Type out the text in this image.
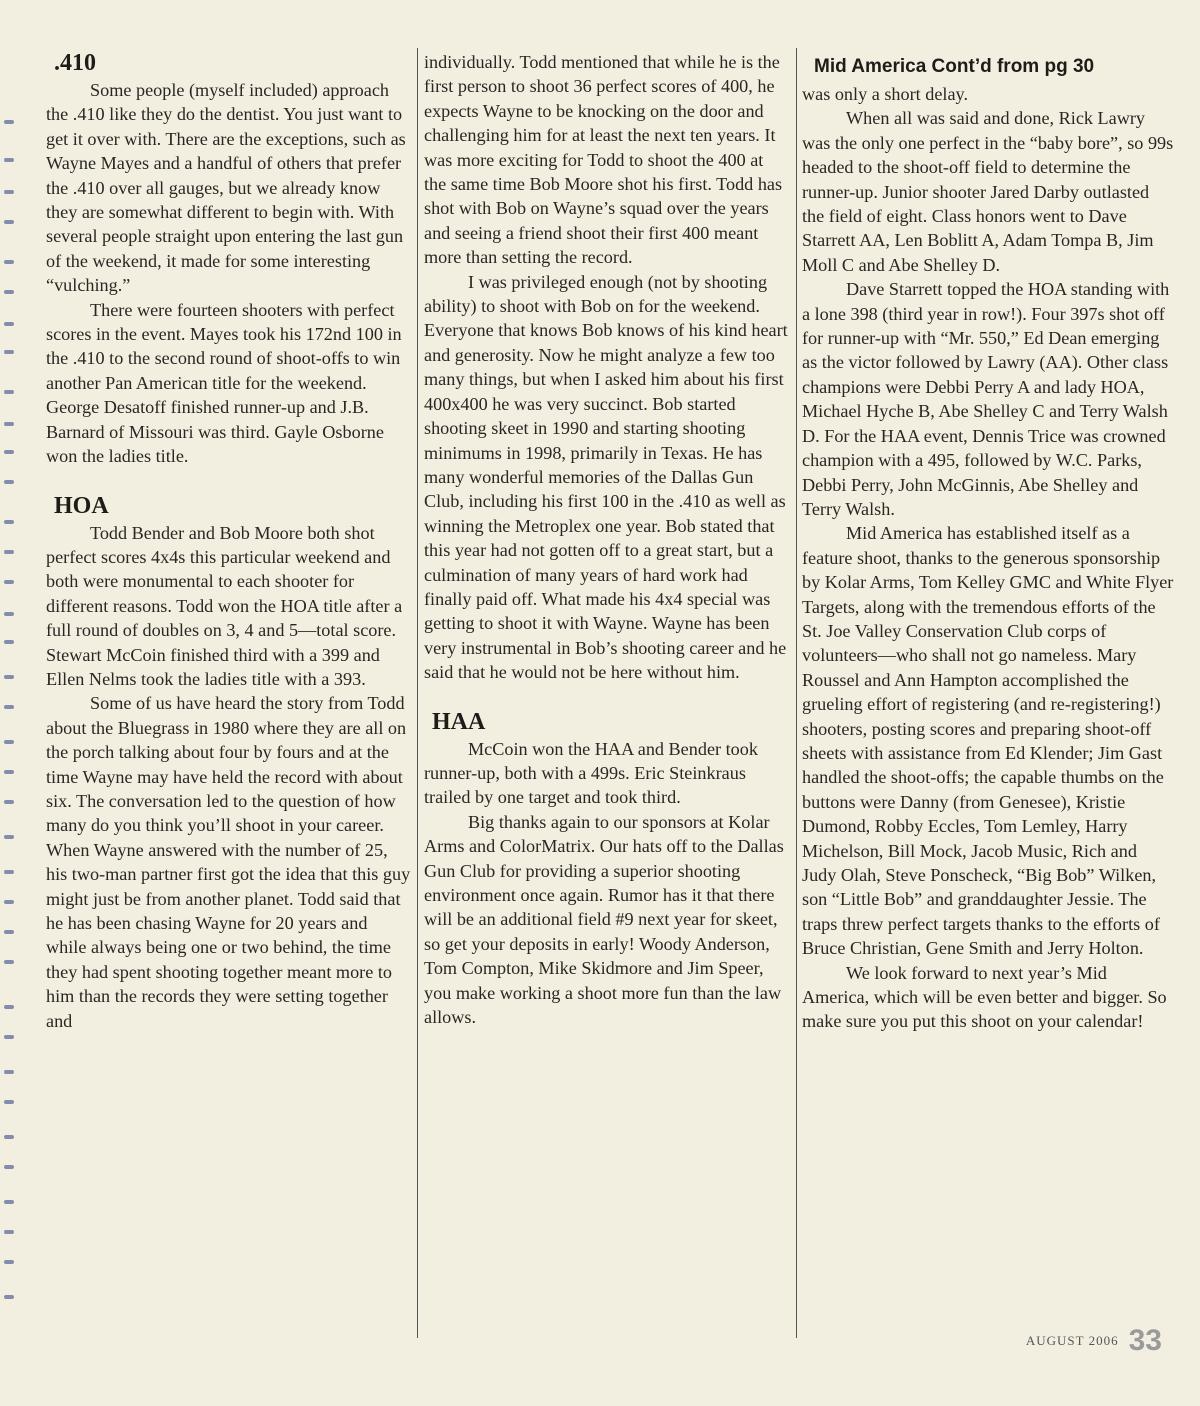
.410

Some people (myself included) approach the .410 like they do the dentist. You just want to get it over with. There are the exceptions, such as Wayne Mayes and a handful of others that prefer the .410 over all gauges, but we already know they are somewhat different to begin with. With several people straight upon entering the last gun of the weekend, it made for some interesting “vulching.”

There were fourteen shooters with perfect scores in the event. Mayes took his 172nd 100 in the .410 to the second round of shoot-offs to win another Pan American title for the weekend. George Desatoff finished runner-up and J.B. Barnard of Missouri was third. Gayle Osborne won the ladies title.

HOA

Todd Bender and Bob Moore both shot perfect scores 4x4s this particular weekend and both were monumental to each shooter for different reasons. Todd won the HOA title after a full round of doubles on 3, 4 and 5—total score. Stewart McCoin finished third with a 399 and Ellen Nelms took the ladies title with a 393.

Some of us have heard the story from Todd about the Bluegrass in 1980 where they are all on the porch talking about four by fours and at the time Wayne may have held the record with about six. The conversation led to the question of how many do you think you’ll shoot in your career. When Wayne answered with the number of 25, his two-man partner first got the idea that this guy might just be from another planet. Todd said that he has been chasing Wayne for 20 years and while always being one or two behind, the time they had spent shooting together meant more to him than the records they were setting together and

individually. Todd mentioned that while he is the first person to shoot 36 perfect scores of 400, he expects Wayne to be knocking on the door and challenging him for at least the next ten years. It was more exciting for Todd to shoot the 400 at the same time Bob Moore shot his first. Todd has shot with Bob on Wayne’s squad over the years and seeing a friend shoot their first 400 meant more than setting the record.

I was privileged enough (not by shooting ability) to shoot with Bob on for the weekend. Everyone that knows Bob knows of his kind heart and generosity. Now he might analyze a few too many things, but when I asked him about his first 400x400 he was very succinct. Bob started shooting skeet in 1990 and starting shooting minimums in 1998, primarily in Texas. He has many wonderful memories of the Dallas Gun Club, including his first 100 in the .410 as well as winning the Metroplex one year. Bob stated that this year had not gotten off to a great start, but a culmination of many years of hard work had finally paid off. What made his 4x4 special was getting to shoot it with Wayne. Wayne has been very instrumental in Bob’s shooting career and he said that he would not be here without him.

HAA

McCoin won the HAA and Bender took runner-up, both with a 499s. Eric Steinkraus trailed by one target and took third.

Big thanks again to our sponsors at Kolar Arms and ColorMatrix. Our hats off to the Dallas Gun Club for providing a superior shooting environment once again. Rumor has it that there will be an additional field #9 next year for skeet, so get your deposits in early! Woody Anderson, Tom Compton, Mike Skidmore and Jim Speer, you make working a shoot more fun than the law allows.

Mid America Cont’d from pg 30

was only a short delay.

When all was said and done, Rick Lawry was the only one perfect in the “baby bore”, so 99s headed to the shoot-off field to determine the runner-up. Junior shooter Jared Darby outlasted the field of eight. Class honors went to Dave Starrett AA, Len Boblitt A, Adam Tompa B, Jim Moll C and Abe Shelley D.

Dave Starrett topped the HOA standing with a lone 398 (third year in row!). Four 397s shot off for runner-up with “Mr. 550,” Ed Dean emerging as the victor followed by Lawry (AA). Other class champions were Debbi Perry A and lady HOA, Michael Hyche B, Abe Shelley C and Terry Walsh D. For the HAA event, Dennis Trice was crowned champion with a 495, followed by W.C. Parks, Debbi Perry, John McGinnis, Abe Shelley and Terry Walsh.

Mid America has established itself as a feature shoot, thanks to the generous sponsorship by Kolar Arms, Tom Kelley GMC and White Flyer Targets, along with the tremendous efforts of the St. Joe Valley Conservation Club corps of volunteers—who shall not go nameless. Mary Roussel and Ann Hampton accomplished the grueling effort of registering (and re-registering!) shooters, posting scores and preparing shoot-off sheets with assistance from Ed Klender; Jim Gast handled the shoot-offs; the capable thumbs on the buttons were Danny (from Genesee), Kristie Dumond, Robby Eccles, Tom Lemley, Harry Michelson, Bill Mock, Jacob Music, Rich and Judy Olah, Steve Ponscheck, “Big Bob” Wilken, son “Little Bob” and granddaughter Jessie. The traps threw perfect targets thanks to the efforts of Bruce Christian, Gene Smith and Jerry Holton.

We look forward to next year’s Mid America, which will be even better and bigger. So make sure you put this shoot on your calendar!

AUGUST 2006 33
